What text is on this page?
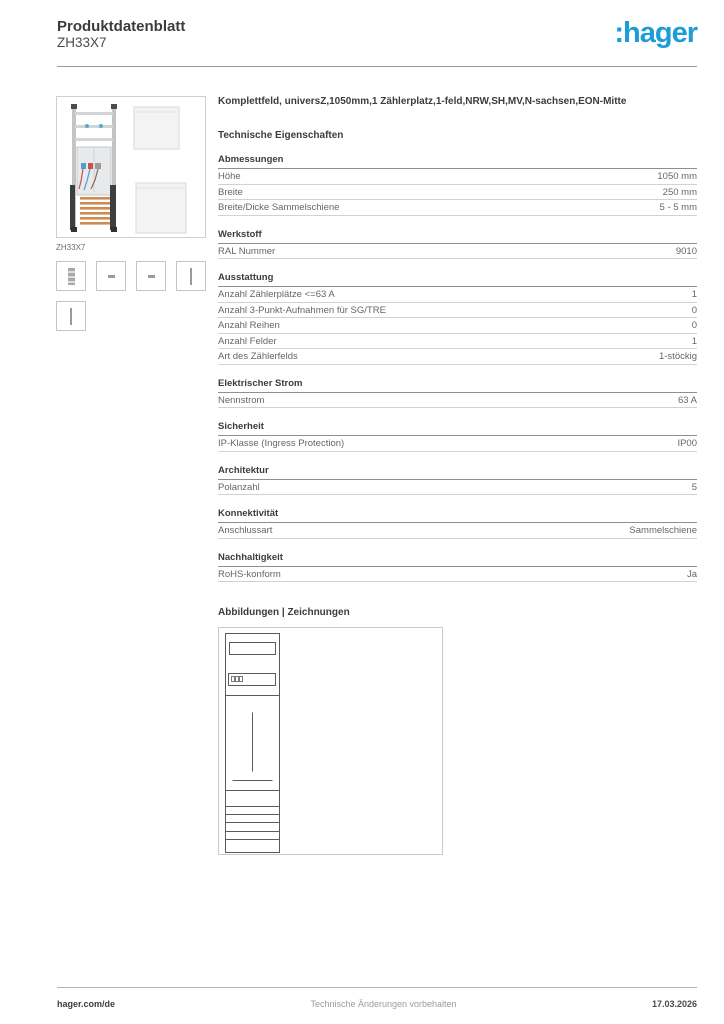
Produktdatenblatt
ZH33X7	:hager
ZH33X7
Komplettfeld, universZ,1050mm,1 Zählerplatz,1-feld,NRW,SH,MV,N-sachsen,EON-Mitte
Technische Eigenschaften
Abmessungen
Höhe	1050 mm
Breite	250 mm
Breite/Dicke Sammelschiene	5 - 5 mm
Werkstoff
RAL Nummer	9010
Ausstattung
Anzahl Zählerplätze <=63 A	1
Anzahl 3-Punkt-Aufnahmen für SG/TRE	0
Anzahl Reihen	0
Anzahl Felder	1
Art des Zählerfelds	1-stöckig
Elektrischer Strom
Nennstrom	63 A
Sicherheit
IP-Klasse (Ingress Protection)	IP00
Architektur
Polanzahl	5
Konnektivität
Anschlussart	Sammelschiene
Nachhaltigkeit
RoHS-konform	Ja
Abbildungen | Zeichnungen
hager.com/de	Technische Änderungen vorbehalten	17.03.2026
